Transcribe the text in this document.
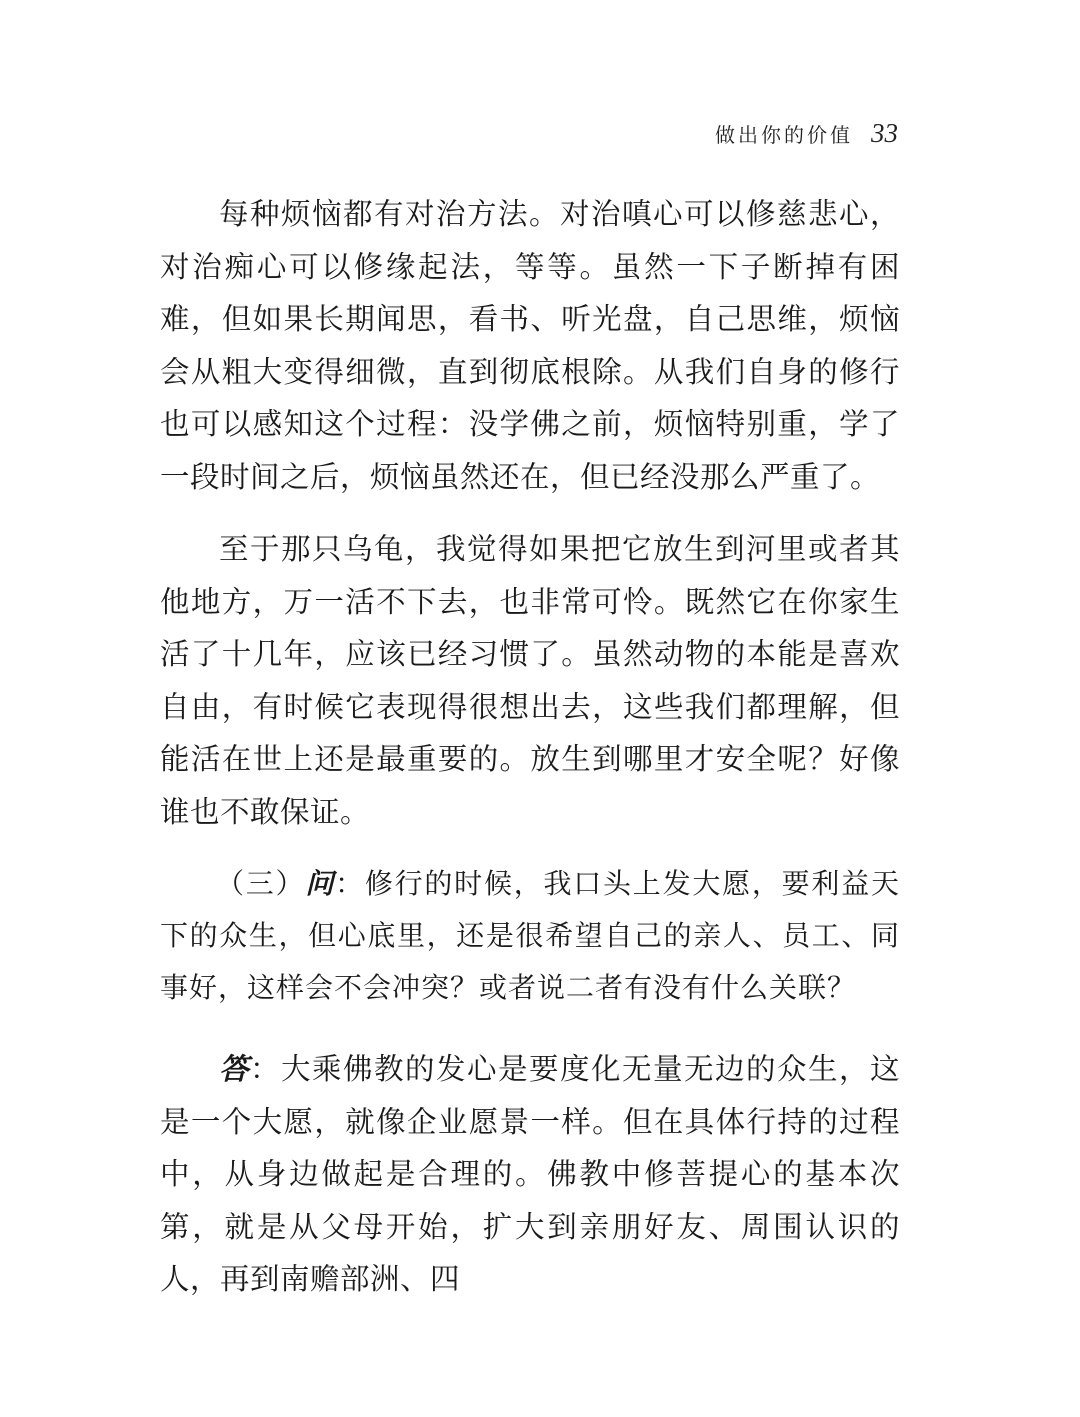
做出你的价值 33

每种烦恼都有对治方法。对治嗔心可以修慈悲心，对治痴心可以修缘起法，等等。虽然一下子断掉有困难，但如果长期闻思，看书、听光盘，自己思维，烦恼会从粗大变得细微，直到彻底根除。从我们自身的修行也可以感知这个过程：没学佛之前，烦恼特别重，学了一段时间之后，烦恼虽然还在，但已经没那么严重了。

至于那只乌龟，我觉得如果把它放生到河里或者其他地方，万一活不下去，也非常可怜。既然它在你家生活了十几年，应该已经习惯了。虽然动物的本能是喜欢自由，有时候它表现得很想出去，这些我们都理解，但能活在世上还是最重要的。放生到哪里才安全呢？好像谁也不敢保证。

（三）问：修行的时候，我口头上发大愿，要利益天下的众生，但心底里，还是很希望自己的亲人、员工、同事好，这样会不会冲突？或者说二者有没有什么关联？

答：大乘佛教的发心是要度化无量无边的众生，这是一个大愿，就像企业愿景一样。但在具体行持的过程中，从身边做起是合理的。佛教中修菩提心的基本次第，就是从父母开始，扩大到亲朋好友、周围认识的人，再到南赡部洲、四
